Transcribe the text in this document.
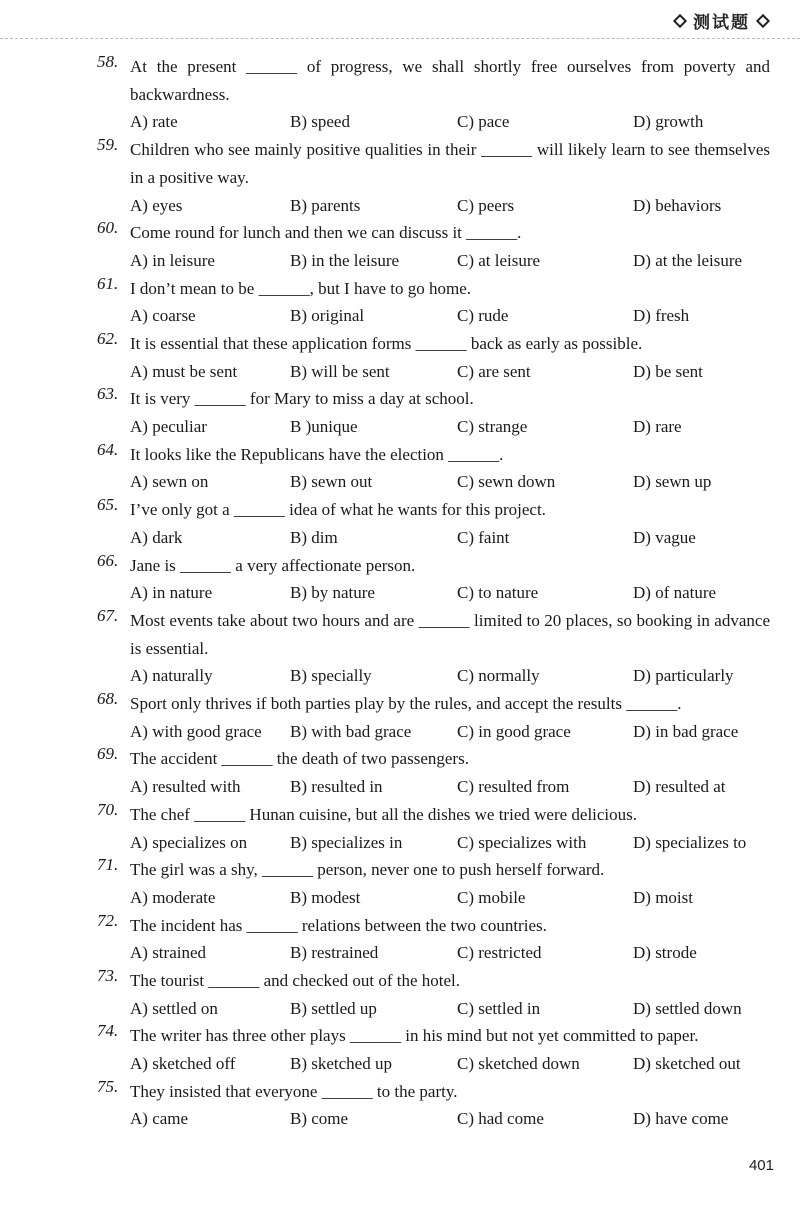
测试题
58. At the present ______ of progress, we shall shortly free ourselves from poverty and backwardness.
A) rate	B) speed	C) pace	D) growth
59. Children who see mainly positive qualities in their ______ will likely learn to see themselves in a positive way.
A) eyes	B) parents	C) peers	D) behaviors
60. Come round for lunch and then we can discuss it ______.
A) in leisure	B) in the leisure	C) at leisure	D) at the leisure
61. I don’t mean to be ______, but I have to go home.
A) coarse	B) original	C) rude	D) fresh
62. It is essential that these application forms ______ back as early as possible.
A) must be sent	B) will be sent	C) are sent	D) be sent
63. It is very ______ for Mary to miss a day at school.
A) peculiar	B )unique	C) strange	D) rare
64. It looks like the Republicans have the election ______.
A) sewn on	B) sewn out	C) sewn down	D) sewn up
65. I’ve only got a ______ idea of what he wants for this project.
A) dark	B) dim	C) faint	D) vague
66. Jane is ______ a very affectionate person.
A) in nature	B) by nature	C) to nature	D) of nature
67. Most events take about two hours and are ______ limited to 20 places, so booking in advance is essential.
A) naturally	B) specially	C) normally	D) particularly
68. Sport only thrives if both parties play by the rules, and accept the results ______.
A) with good grace	B) with bad grace	C) in good grace	D) in bad grace
69. The accident ______ the death of two passengers.
A) resulted with	B) resulted in	C) resulted from	D) resulted at
70. The chef ______ Hunan cuisine, but all the dishes we tried were delicious.
A) specializes on	B) specializes in	C) specializes with	D) specializes to
71. The girl was a shy, ______ person, never one to push herself forward.
A) moderate	B) modest	C) mobile	D) moist
72. The incident has ______ relations between the two countries.
A) strained	B) restrained	C) restricted	D) strode
73. The tourist ______ and checked out of the hotel.
A) settled on	B) settled up	C) settled in	D) settled down
74. The writer has three other plays ______ in his mind but not yet committed to paper.
A) sketched off	B) sketched up	C) sketched down	D) sketched out
75. They insisted that everyone ______ to the party.
A) came	B) come	C) had come	D) have come
401
